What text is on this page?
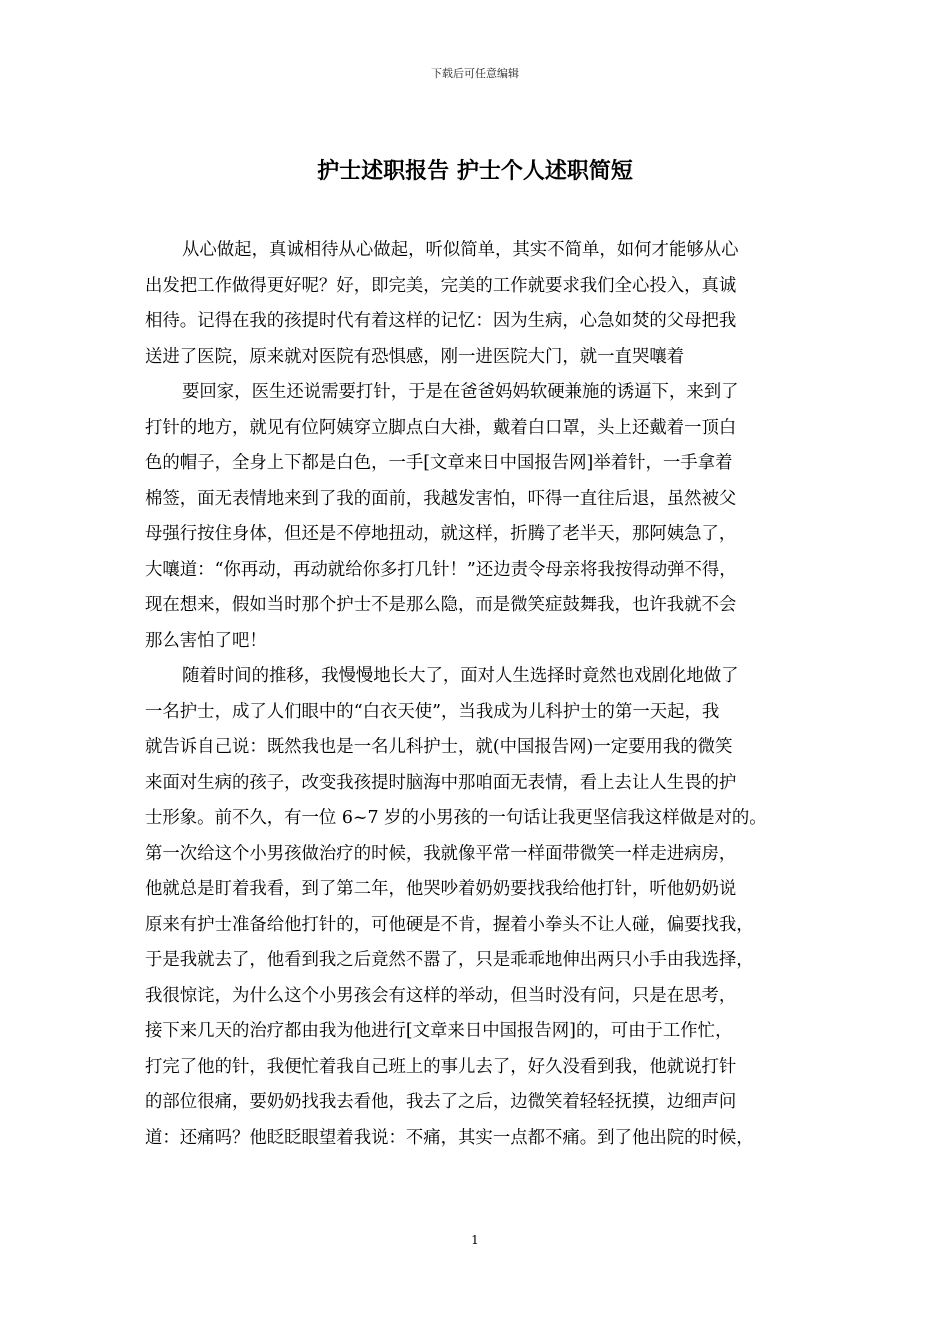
下载后可任意编辑
护士述职报告 护士个人述职简短
从心做起，真诚相待从心做起，听似简单，其实不简单，如何才能够从心
出发把工作做得更好呢？好，即完美，完美的工作就要求我们全心投入，真诚
相待。记得在我的孩提时代有着这样的记忆：因为生病，心急如焚的父母把我
送进了医院，原来就对医院有恐惧感，刚一进医院大门，就一直哭嚷着
要回家，医生还说需要打针，于是在爸爸妈妈软硬兼施的诱逼下，来到了
打针的地方，就见有位阿姨穿立脚点白大褂，戴着白口罩，头上还戴着一顶白
色的帽子，全身上下都是白色，一手[文章来日中国报告网]举着针，一手拿着
棉签，面无表情地来到了我的面前，我越发害怕，吓得一直往后退，虽然被父
母强行按住身体，但还是不停地扭动，就这样，折腾了老半天，那阿姨急了，
大嚷道：“你再动，再动就给你多打几针！”还边责令母亲将我按得动弹不得，
现在想来，假如当时那个护士不是那么隐，而是微笑症鼓舞我，也许我就不会
那么害怕了吧！
随着时间的推移，我慢慢地长大了，面对人生选择时竟然也戏剧化地做了
一名护士，成了人们眼中的“白衣天使”，当我成为儿科护士的第一天起，我
就告诉自己说：既然我也是一名儿科护士，就(中国报告网)一定要用我的微笑
来面对生病的孩子，改变我孩提时脑海中那咱面无表情，看上去让人生畏的护
士形象。前不久，有一位 6~7 岁的小男孩的一句话让我更坚信我这样做是对的。
第一次给这个小男孩做治疗的时候，我就像平常一样面带微笑一样走进病房，
他就总是盯着我看，到了第二年，他哭吵着奶奶要找我给他打针，听他奶奶说
原来有护士准备给他打针的，可他硬是不肯，握着小拳头不让人碰，偏要找我，
于是我就去了，他看到我之后竟然不嚣了，只是乖乖地伸出两只小手由我选择，
我很惊诧，为什么这个小男孩会有这样的举动，但当时没有问，只是在思考，
接下来几天的治疗都由我为他进行[文章来日中国报告网]的，可由于工作忙，
打完了他的针，我便忙着我自己班上的事儿去了，好久没看到我，他就说打针
的部位很痛，要奶奶找我去看他，我去了之后，边微笑着轻轻抚摸，边细声问
道：还痛吗？他眨眨眼望着我说：不痛，其实一点都不痛。到了他出院的时候，
1
